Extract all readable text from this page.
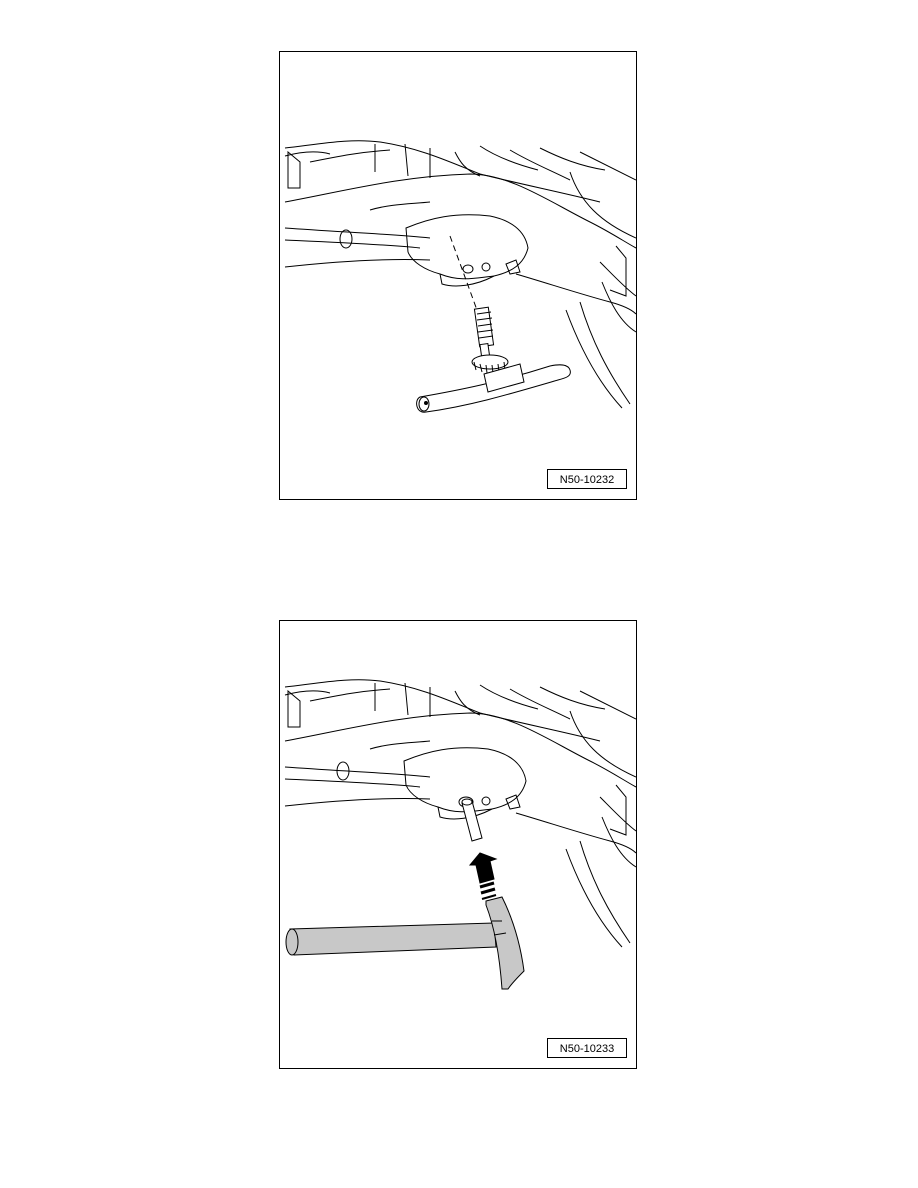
N50-10232
N50-10233
